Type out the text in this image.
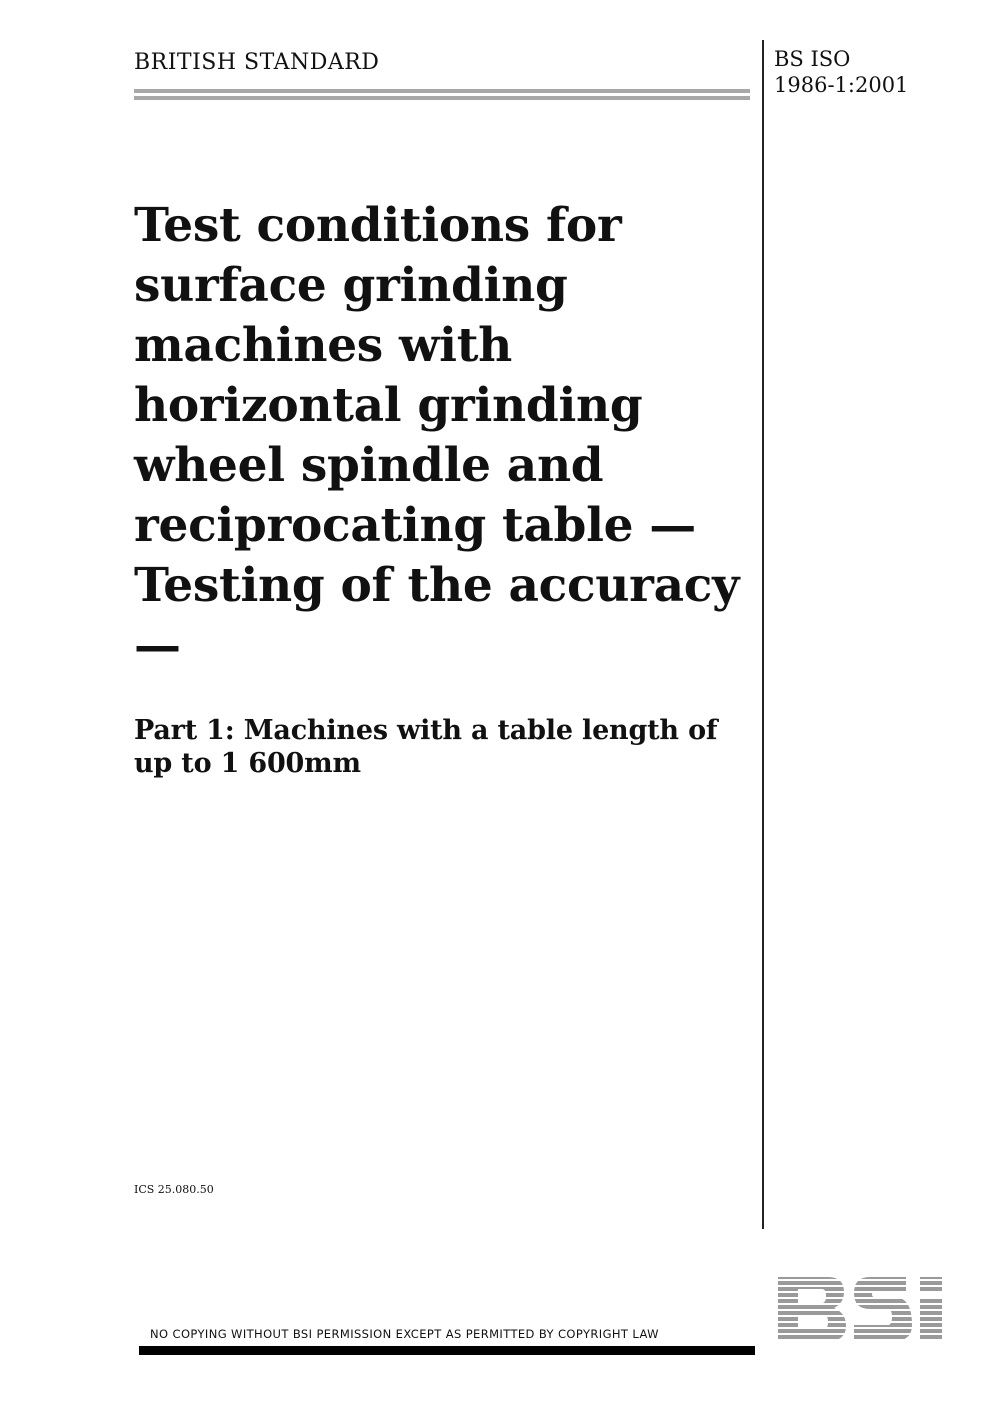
BRITISH STANDARD	BS ISO
1986-1:2001
Test conditions for surface grinding machines with horizontal grinding wheel spindle and reciprocating table — Testing of the accuracy —
Part 1: Machines with a table length of up to 1 600mm
ICS 25.080.50
NO COPYING WITHOUT BSI PERMISSION EXCEPT AS PERMITTED BY COPYRIGHT LAW
